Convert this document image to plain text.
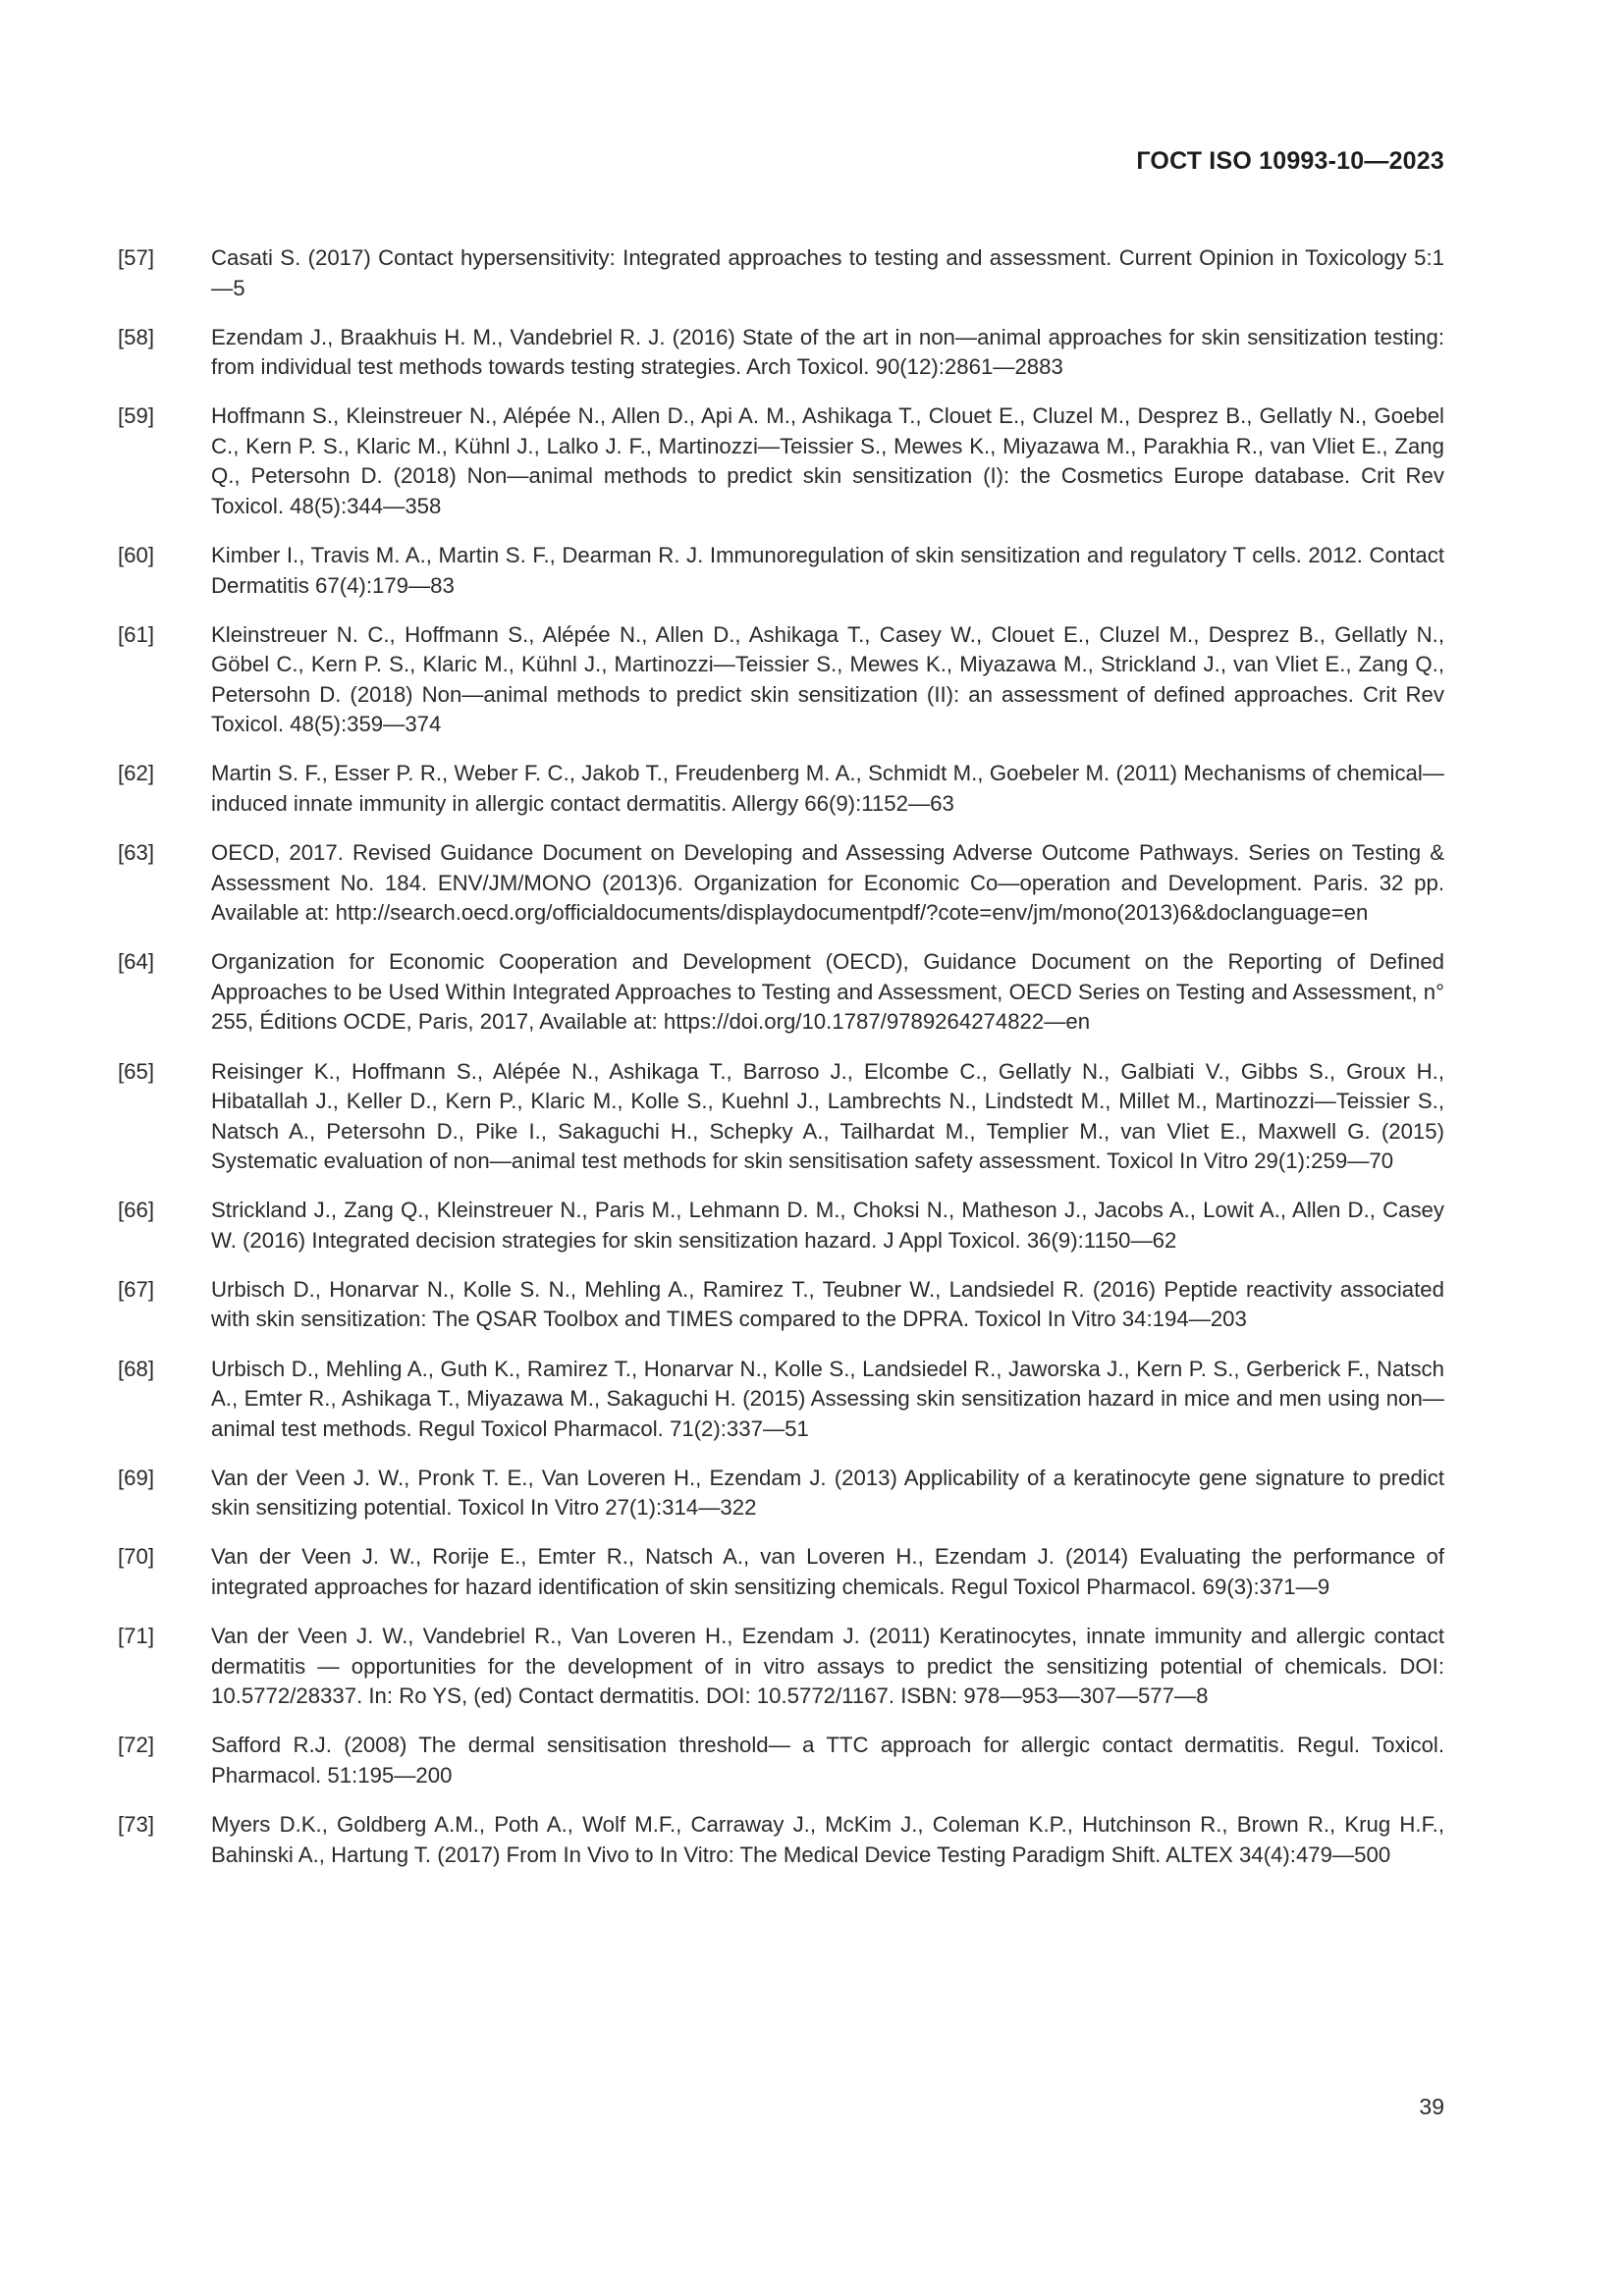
ГОСТ ISO 10993-10—2023
[57]	Casati S. (2017) Contact hypersensitivity: Integrated approaches to testing and assessment. Current Opinion in Toxicology 5:1—5
[58]	Ezendam J., Braakhuis H. M., Vandebriel R. J. (2016) State of the art in non—animal approaches for skin sensitization testing: from individual test methods towards testing strategies. Arch Toxicol. 90(12):2861—2883
[59]	Hoffmann S., Kleinstreuer N., Alépée N., Allen D., Api A. M., Ashikaga T., Clouet E., Cluzel M., Desprez B., Gellatly N., Goebel C., Kern P. S., Klaric M., Kühnl J., Lalko J. F., Martinozzi—Teissier S., Mewes K., Miyazawa M., Parakhia R., van Vliet E., Zang Q., Petersohn D. (2018) Non—animal methods to predict skin sensitization (I): the Cosmetics Europe database. Crit Rev Toxicol. 48(5):344—358
[60]	Kimber I., Travis M. A., Martin S. F., Dearman R. J. Immunoregulation of skin sensitization and regulatory T cells. 2012. Contact Dermatitis 67(4):179—83
[61]	Kleinstreuer N. C., Hoffmann S., Alépée N., Allen D., Ashikaga T., Casey W., Clouet E., Cluzel M., Desprez B., Gellatly N., Göbel C., Kern P. S., Klaric M., Kühnl J., Martinozzi—Teissier S., Mewes K., Miyazawa M., Strickland J., van Vliet E., Zang Q., Petersohn D. (2018) Non—animal methods to predict skin sensitization (II): an assessment of defined approaches. Crit Rev Toxicol. 48(5):359—374
[62]	Martin S. F., Esser P. R., Weber F. C., Jakob T., Freudenberg M. A., Schmidt M., Goebeler M. (2011) Mechanisms of chemical—induced innate immunity in allergic contact dermatitis. Allergy 66(9):1152—63
[63]	OECD, 2017. Revised Guidance Document on Developing and Assessing Adverse Outcome Pathways. Series on Testing & Assessment No. 184. ENV/JM/MONO (2013)6. Organization for Economic Co—operation and Development. Paris. 32 pp. Available at: http://search.oecd.org/officialdocuments/displaydocumentpdf/?cote=env/jm/mono(2013)6&doclanguage=en
[64]	Organization for Economic Cooperation and Development (OECD), Guidance Document on the Reporting of Defined Approaches to be Used Within Integrated Approaches to Testing and Assessment, OECD Series on Testing and Assessment, n° 255, Éditions OCDE, Paris, 2017, Available at: https://doi.org/10.1787/9789264274822—en
[65]	Reisinger K., Hoffmann S., Alépée N., Ashikaga T., Barroso J., Elcombe C., Gellatly N., Galbiati V., Gibbs S., Groux H., Hibatallah J., Keller D., Kern P., Klaric M., Kolle S., Kuehnl J., Lambrechts N., Lindstedt M., Millet M., Martinozzi—Teissier S., Natsch A., Petersohn D., Pike I., Sakaguchi H., Schepky A., Tailhardat M., Templier M., van Vliet E., Maxwell G. (2015) Systematic evaluation of non—animal test methods for skin sensitisation safety assessment. Toxicol In Vitro 29(1):259—70
[66]	Strickland J., Zang Q., Kleinstreuer N., Paris M., Lehmann D. M., Choksi N., Matheson J., Jacobs A., Lowit A., Allen D., Casey W. (2016) Integrated decision strategies for skin sensitization hazard. J Appl Toxicol. 36(9):1150—62
[67]	Urbisch D., Honarvar N., Kolle S. N., Mehling A., Ramirez T., Teubner W., Landsiedel R. (2016) Peptide reactivity associated with skin sensitization: The QSAR Toolbox and TIMES compared to the DPRA. Toxicol In Vitro 34:194—203
[68]	Urbisch D., Mehling A., Guth K., Ramirez T., Honarvar N., Kolle S., Landsiedel R., Jaworska J., Kern P. S., Gerberick F., Natsch A., Emter R., Ashikaga T., Miyazawa M., Sakaguchi H. (2015) Assessing skin sensitization hazard in mice and men using non—animal test methods. Regul Toxicol Pharmacol. 71(2):337—51
[69]	Van der Veen J. W., Pronk T. E., Van Loveren H., Ezendam J. (2013) Applicability of a keratinocyte gene signature to predict skin sensitizing potential. Toxicol In Vitro 27(1):314—322
[70]	Van der Veen J. W., Rorije E., Emter R., Natsch A., van Loveren H., Ezendam J. (2014) Evaluating the performance of integrated approaches for hazard identification of skin sensitizing chemicals. Regul Toxicol Pharmacol. 69(3):371—9
[71]	Van der Veen J. W., Vandebriel R., Van Loveren H., Ezendam J. (2011) Keratinocytes, innate immunity and allergic contact dermatitis — opportunities for the development of in vitro assays to predict the sensitizing potential of chemicals. DOI: 10.5772/28337. In: Ro YS, (ed) Contact dermatitis. DOI: 10.5772/1167. ISBN: 978—953—307—577—8
[72]	Safford R.J. (2008) The dermal sensitisation threshold— a TTC approach for allergic contact dermatitis. Regul. Toxicol. Pharmacol. 51:195—200
[73]	Myers D.K., Goldberg A.M., Poth A., Wolf M.F., Carraway J., McKim J., Coleman K.P., Hutchinson R., Brown R., Krug H.F., Bahinski A., Hartung T. (2017) From In Vivo to In Vitro: The Medical Device Testing Paradigm Shift. ALTEX 34(4):479—500
39
